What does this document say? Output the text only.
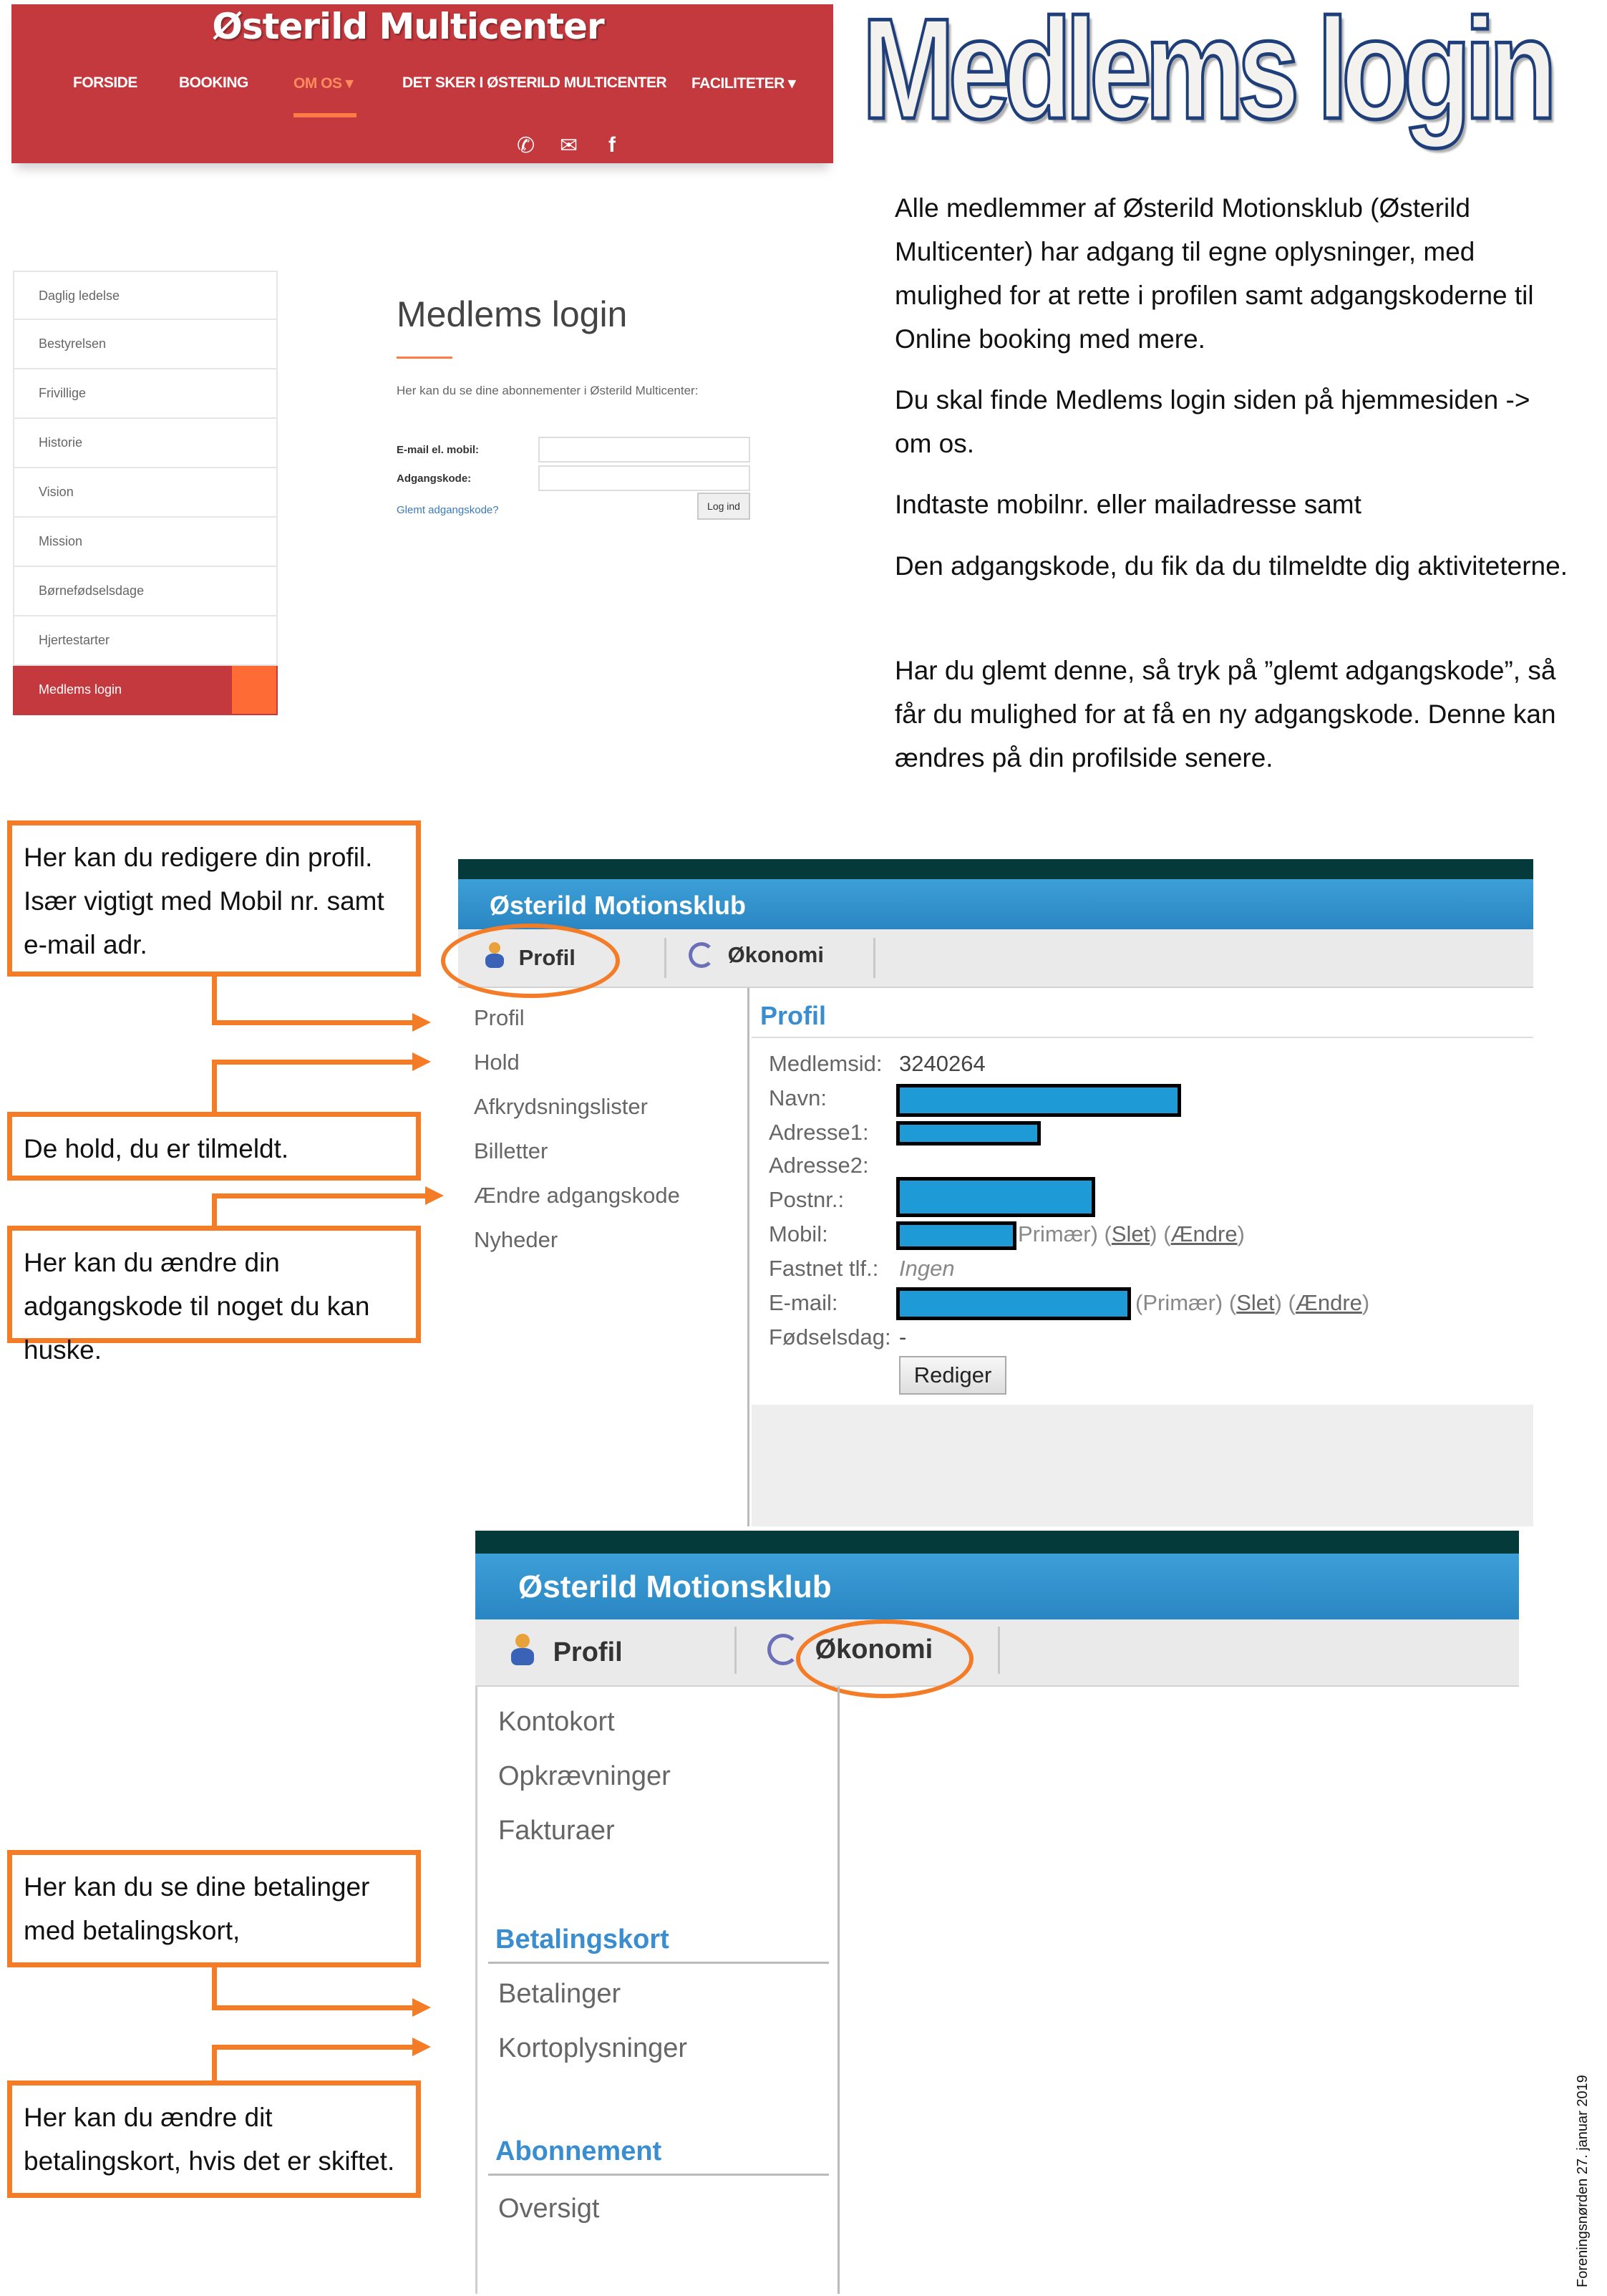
Østerild Multicenter
FORSIDE	BOOKING	OM OS ▾	DET SKER I ØSTERILD MULTICENTER FACILITETER ▾
✆ ✉ f
Daglig ledelse
Bestyrelsen
Frivillige
Historie
Vision
Mission
Børnefødselsdage
Hjertestarter
Medlems login
Medlems login
Her kan du se dine abonnementer i Østerild Multicenter:
E-mail el. mobil:
Adgangskode:
Glemt adgangskode?	Log ind
Medlems login
Alle medlemmer af Østerild Motionsklub (Østerild Multicenter) har adgang til egne oplysninger, med mulighed for at rette i profilen samt adgangskoderne til Online booking med mere.
Du skal finde Medlems login siden på hjemmesiden -> om os.
Indtaste mobilnr. eller mailadresse samt
Den adgangskode, du fik da du tilmeldte dig aktiviteterne.
Har du glemt denne, så tryk på ”glemt adgangskode”, så får du mulighed for at få en ny adgangskode. Denne kan ændres på din profilside senere.
Her kan du redigere din profil. Især vigtigt med Mobil nr. samt e-mail adr.
De hold, du er tilmeldt.
Her kan du ændre din adgangskode til noget du kan huske.
Her kan du se dine betalinger med betalingskort,
Her kan du ændre dit betalingskort, hvis det er skiftet.
Østerild Motionsklub
Profil	Økonomi
Profil
Hold
Afkrydsningslister
Billetter
Ændre adgangskode
Nyheder
Profil
Medlemsid: 3240264
Navn:
Adresse1:
Adresse2:
Postnr.:
Mobil:	Primær) (Slet) (Ændre)
Fastnet tlf.: Ingen
E-mail:	(Primær) (Slet) (Ændre)
Fødselsdag: -
Rediger
Østerild Motionsklub
Profil	Økonomi
Kontokort
Opkrævninger
Fakturaer
Betalingskort
Betalinger
Kortoplysninger
Abonnement
Oversigt	Foreningsnørden 27. januar 2019
